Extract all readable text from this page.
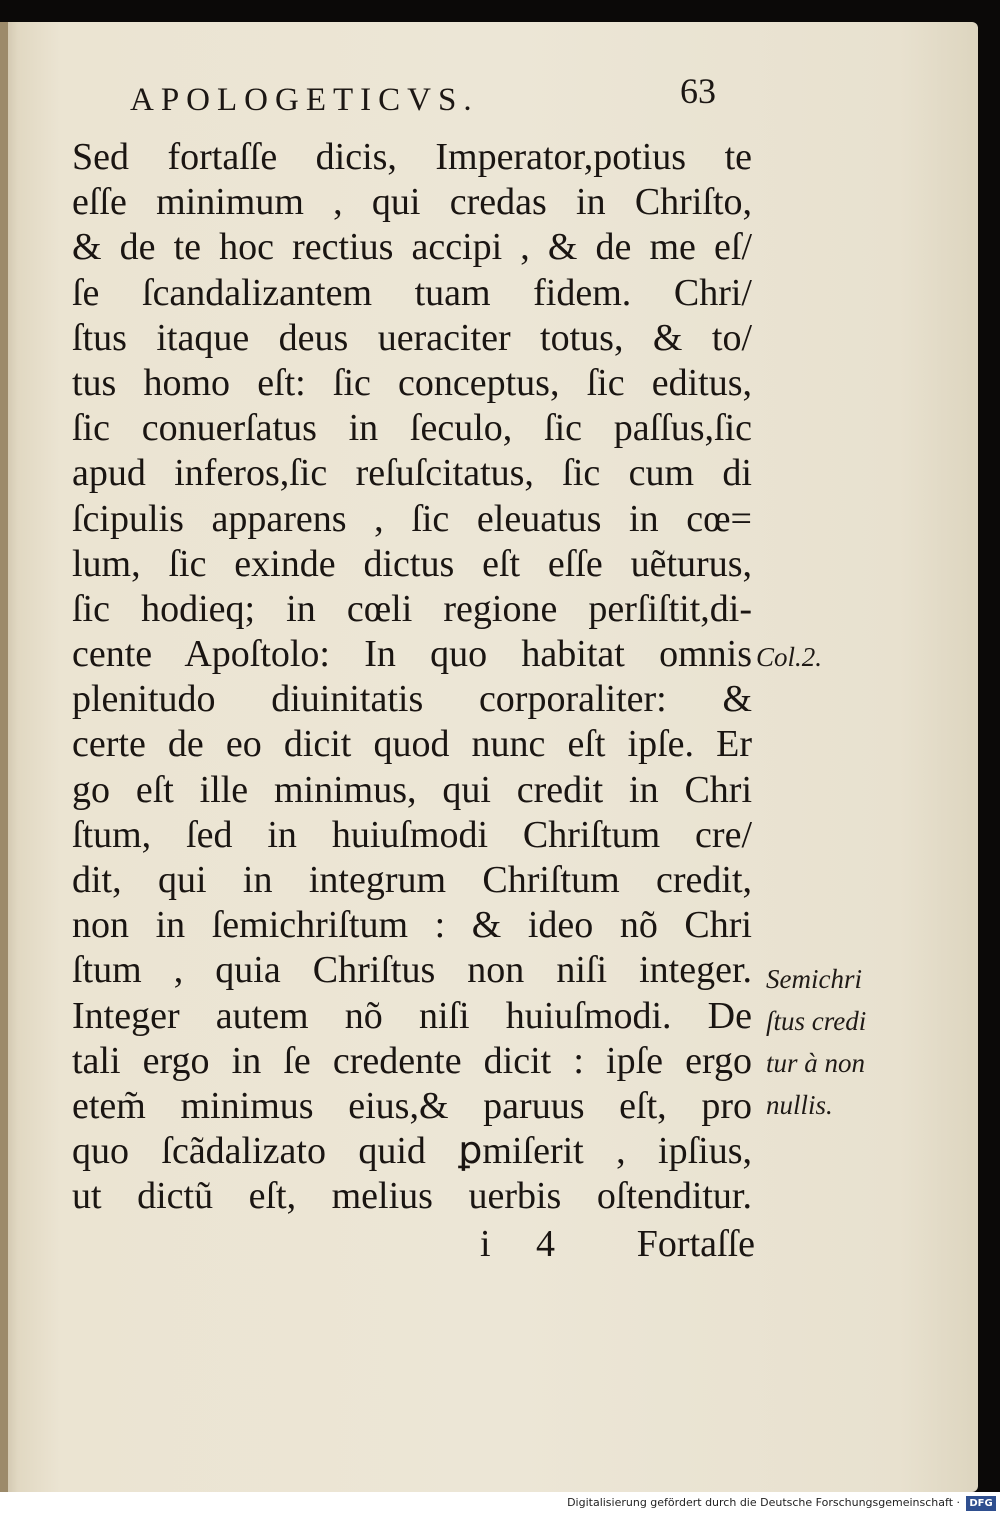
APOLOGETICVS.	63
Sed fortaſſe dicis, Imperator,potius te
eſſe minimum , qui credas in Chriſto,
& de te hoc rectius accipi , & de me eſ/
ſe ſcandalizantem tuam fidem. Chri/
ſtus itaque deus ueraciter totus, & to/
tus homo eſt: ſic conceptus, ſic editus,
ſic conuerſatus in ſeculo, ſic paſſus,ſic
apud inferos,ſic reſuſcitatus, ſic cum di
ſcipulis apparens , ſic eleuatus in cœ=
lum, ſic exinde dictus eſt eſſe uẽturus,
ſic hodieq; in cœli regione perſiſtit,di-
cente Apoſtolo: In quo habitat omnis
plenitudo diuinitatis corporaliter: &
certe de eo dicit quod nunc eſt ipſe. Er
go eſt ille minimus, qui credit in Chri
ſtum, ſed in huiuſmodi Chriſtum cre/
dit, qui in integrum Chriſtum credit,
non in ſemichriſtum : & ideo nõ Chri
ſtum , quia Chriſtus non niſi integer.
Integer autem nõ niſi huiuſmodi. De
tali ergo in ſe credente dicit : ipſe ergo
etem̃ minimus eius,& paruus eſt, pro
quo ſcãdalizato quid ꝑmiſerit , ipſius,
ut dictũ eſt, melius uerbis oſtenditur.
Col.2.
Semichri
ſtus credi
tur à non
nullis.
i 4 Fortaſſe
Digitalisierung gefördert durch die Deutsche Forschungsgemeinschaft · DFG
